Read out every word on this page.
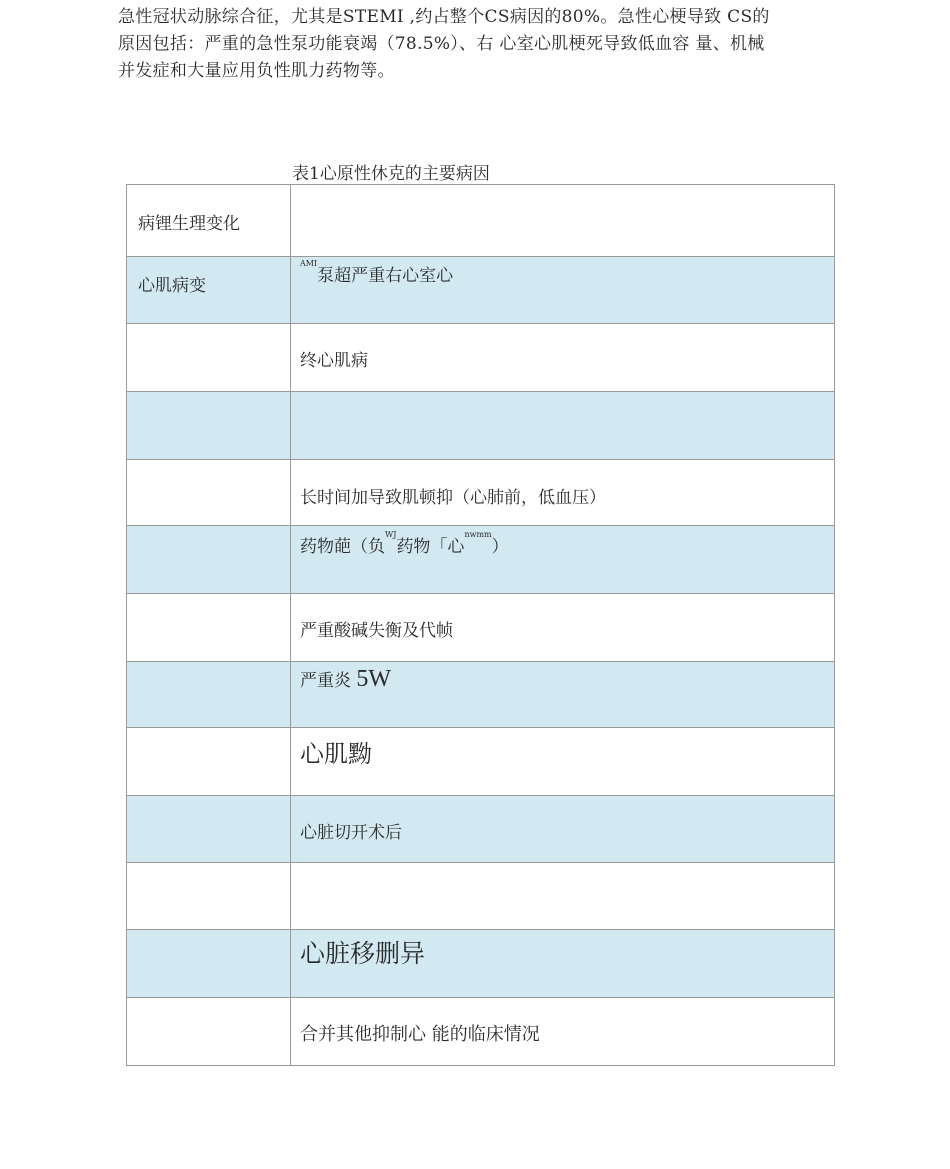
急性冠状动脉综合征，尤其是STEMI ,约占整个CS病因的80%。急性心梗导致 CS的
原因包括：严重的急性泵功能衰竭（78.5%）、右 心室心肌梗死导致低血容 量、机械
并发症和大量应用负性肌力药物等。
表1心原性休克的主要病因
病锂生理变化	

心肌病变	$^{AMI}$泵超严重右心室心

	终心肌病

	长时间加导致肌顿抑（心肺前，低血压）

	药物葩（负$^{WJ}$药物「心$^{nwmm}$）

	严重酸碱失衡及代帧

	严重炎 5W

	心肌黝

	心脏切开术后

	心脏移删异

	合并其他抑制心 能的临床情况
